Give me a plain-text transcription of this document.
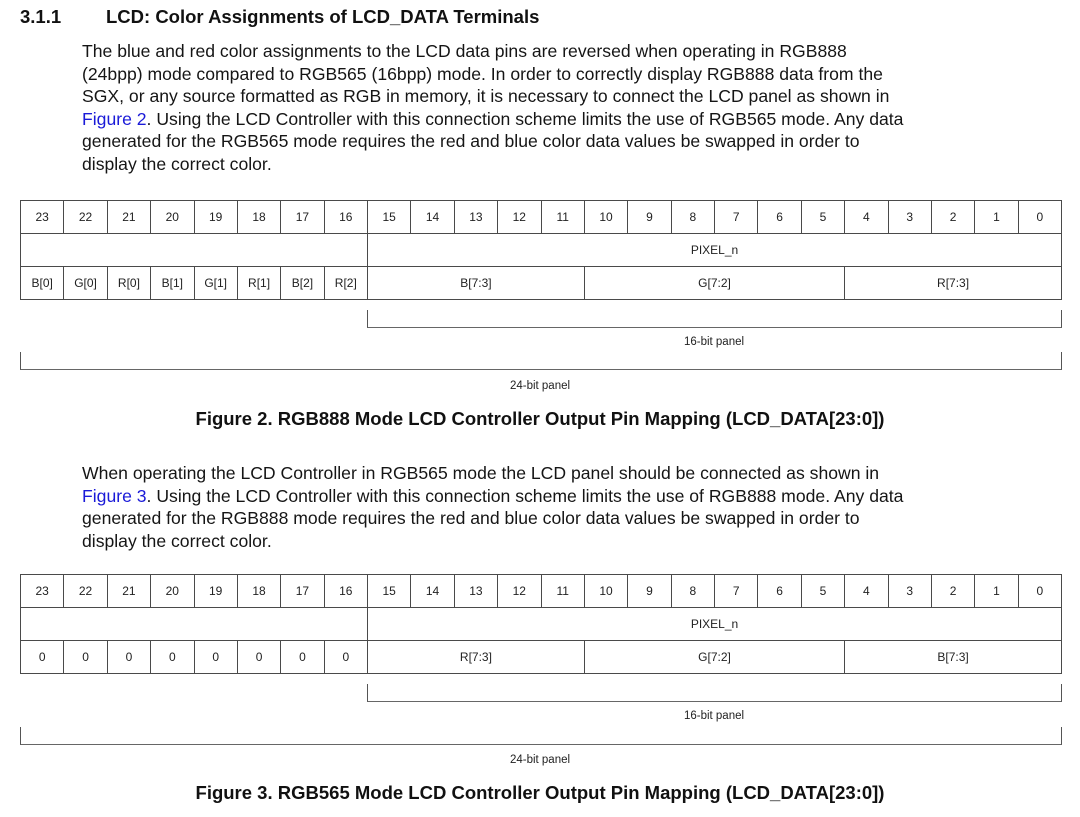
3.1.1 LCD: Color Assignments of LCD_DATA Terminals
The blue and red color assignments to the LCD data pins are reversed when operating in RGB888
(24bpp) mode compared to RGB565 (16bpp) mode. In order to correctly display RGB888 data from the
SGX, or any source formatted as RGB in memory, it is necessary to connect the LCD panel as shown in
Figure 2. Using the LCD Controller with this connection scheme limits the use of RGB565 mode. Any data
generated for the RGB565 mode requires the red and blue color data values be swapped in order to
display the correct color.
23	22	21	20	19	18	17	16	15	14	13	12	11	10	9	8	7	6	5	4	3	2	1	0
								PIXEL_n															
B[0]	G[0]	R[0]	B[1]	G[1]	R[1]	B[2]	R[2]	B[7:3]					G[7:2]						R[7:3]				
16-bit panel
24-bit panel
Figure 2. RGB888 Mode LCD Controller Output Pin Mapping (LCD_DATA[23:0])
When operating the LCD Controller in RGB565 mode the LCD panel should be connected as shown in
Figure 3. Using the LCD Controller with this connection scheme limits the use of RGB888 mode. Any data
generated for the RGB888 mode requires the red and blue color data values be swapped in order to
display the correct color.
23	22	21	20	19	18	17	16	15	14	13	12	11	10	9	8	7	6	5	4	3	2	1	0
								PIXEL_n															
0	0	0	0	0	0	0	0	R[7:3]					G[7:2]						B[7:3]				
16-bit panel
24-bit panel
Figure 3. RGB565 Mode LCD Controller Output Pin Mapping (LCD_DATA[23:0])
